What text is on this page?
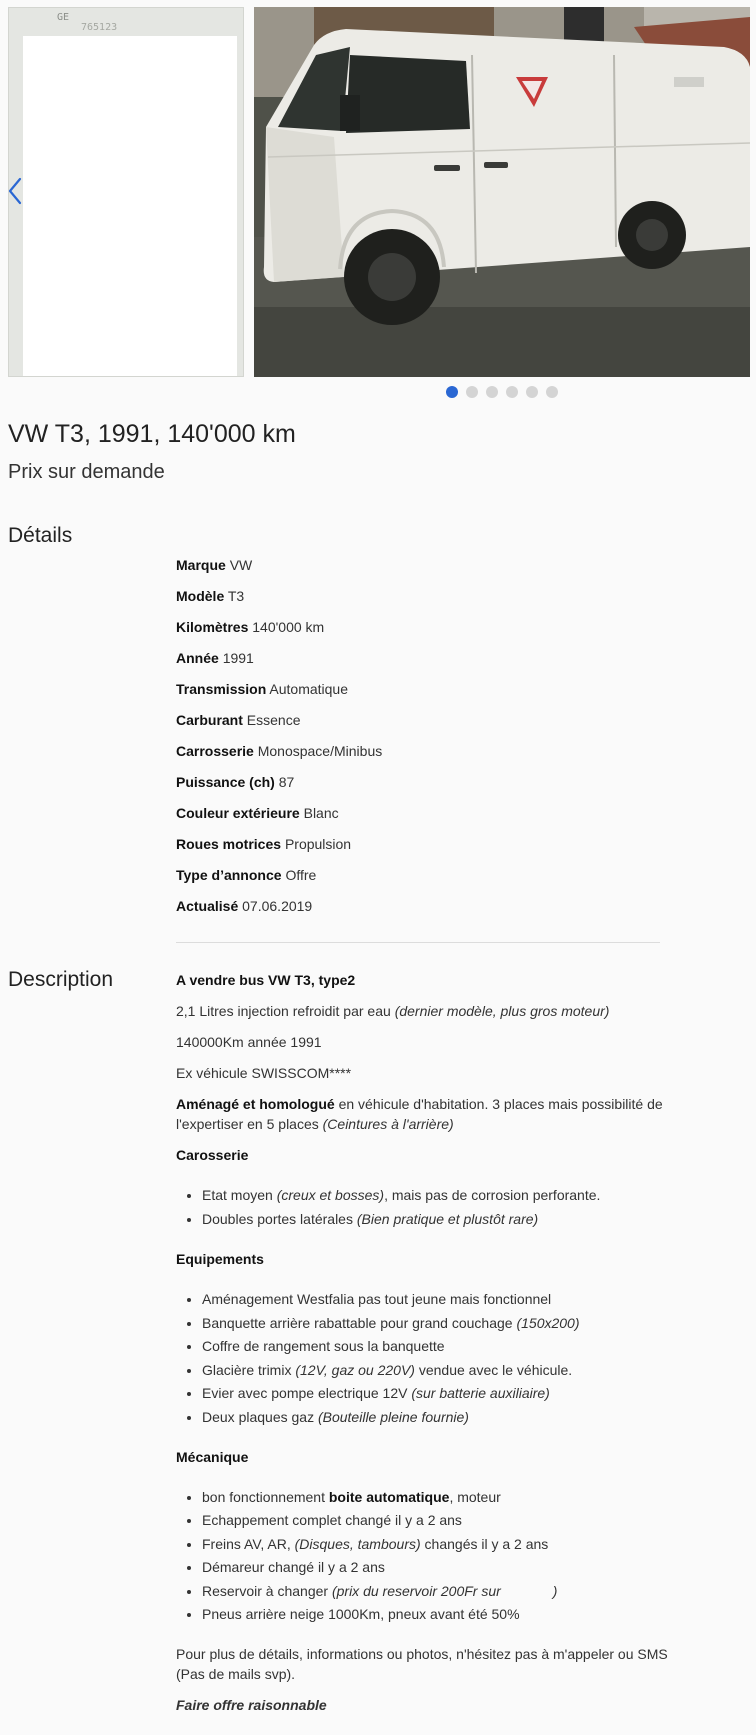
GE
765123
VW T3, 1991, 140'000 km
Prix sur demande
Détails
Marque VW
Modèle T3
Kilomètres 140'000 km
Année 1991
Transmission Automatique
Carburant Essence
Carrosserie Monospace/Minibus
Puissance (ch) 87
Couleur extérieure Blanc
Roues motrices Propulsion
Type d’annonce Offre
Actualisé 07.06.2019
Description	A vendre bus VW T3, type2

2,1 Litres injection refroidit par eau (dernier modèle, plus gros moteur)

140000Km année 1991

Ex véhicule SWISSCOM****

Aménagé et homologué en véhicule d'habitation. 3 places mais possibilité de l'expertiser en 5 places (Ceintures à l'arrière)

Carosserie

• Etat moyen (creux et bosses), mais pas de corrosion perforante.
• Doubles portes latérales (Bien pratique et plustôt rare)

Equipements

• Aménagement Westfalia pas tout jeune mais fonctionnel
• Banquette arrière rabattable pour grand couchage (150x200)
• Coffre de rangement sous la banquette
• Glacière trimix (12V, gaz ou 220V) vendue avec le véhicule.
• Evier avec pompe electrique 12V (sur batterie auxiliaire)
• Deux plaques gaz (Bouteille pleine fournie)

Mécanique

• bon fonctionnement boite automatique, moteur
• Echappement complet changé il y a 2 ans
• Freins AV, AR, (Disques, tambours) changés il y a 2 ans
• Démareur changé il y a 2 ans
• Reservoir à changer (prix du reservoir 200Fr sur	)
• Pneus arrière neige 1000Km, pneux avant été 50%

Pour plus de détails, informations ou photos, n'hésitez pas à m'appeler ou SMS (Pas de mails svp).

Faire offre raisonnable
